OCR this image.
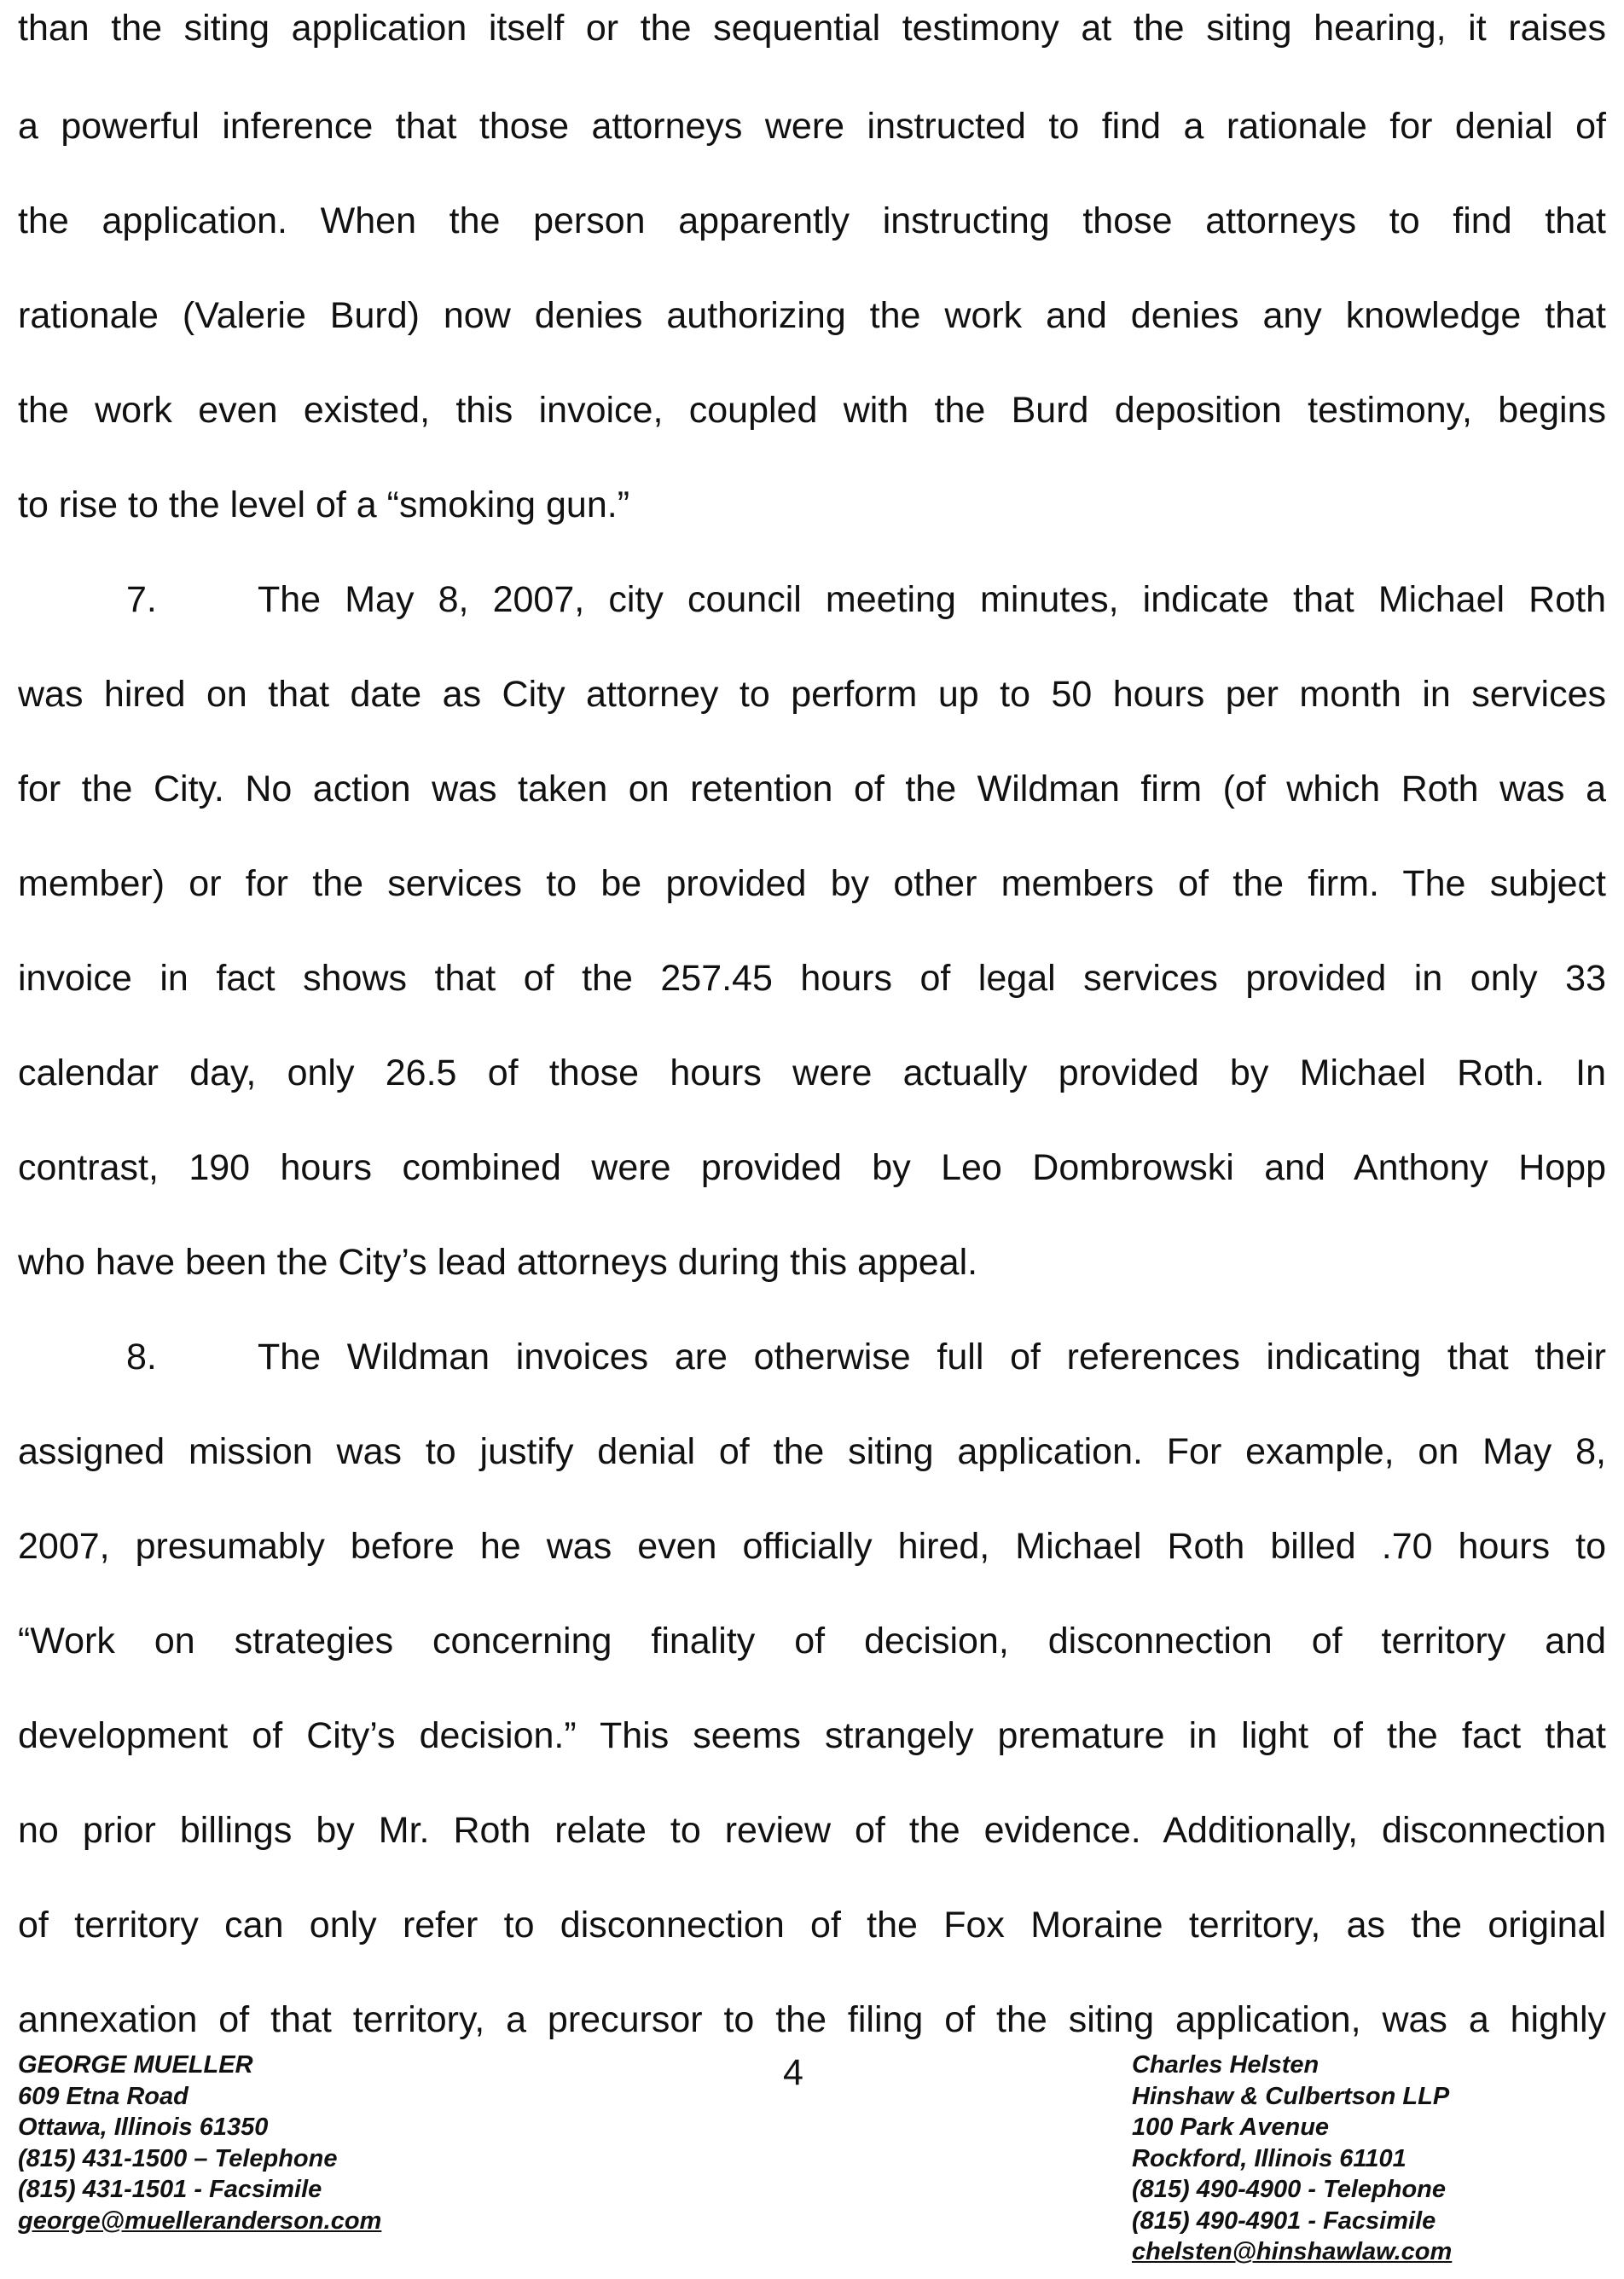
than the siting application itself or the sequential testimony at the siting hearing, it raises
a powerful inference that those attorneys were instructed to find a rationale for denial of
the application. When the person apparently instructing those attorneys to find that
rationale (Valerie Burd) now denies authorizing the work and denies any knowledge that
the work even existed, this invoice, coupled with the Burd deposition testimony, begins
to rise to the level of a “smoking gun.”
7.	The May 8, 2007, city council meeting minutes, indicate that Michael Roth
was hired on that date as City attorney to perform up to 50 hours per month in services
for the City. No action was taken on retention of the Wildman firm (of which Roth was a
member) or for the services to be provided by other members of the firm. The subject
invoice in fact shows that of the 257.45 hours of legal services provided in only 33
calendar day, only 26.5 of those hours were actually provided by Michael Roth. In
contrast, 190 hours combined were provided by Leo Dombrowski and Anthony Hopp
who have been the City’s lead attorneys during this appeal.
8.	The Wildman invoices are otherwise full of references indicating that their
assigned mission was to justify denial of the siting application. For example, on May 8,
2007, presumably before he was even officially hired, Michael Roth billed .70 hours to
“Work on strategies concerning finality of decision, disconnection of territory and
development of City’s decision.” This seems strangely premature in light of the fact that
no prior billings by Mr. Roth relate to review of the evidence. Additionally, disconnection
of territory can only refer to disconnection of the Fox Moraine territory, as the original
annexation of that territory, a precursor to the filing of the siting application, was a highly
4
GEORGE MUELLER
609 Etna Road
Ottawa, Illinois 61350
(815) 431-1500 – Telephone
(815) 431-1501 - Facsimile
george@muelleranderson.com
Charles Helsten
Hinshaw & Culbertson LLP
100 Park Avenue
Rockford, Illinois 61101
(815) 490-4900 - Telephone
(815) 490-4901 - Facsimile
chelsten@hinshawlaw.com
